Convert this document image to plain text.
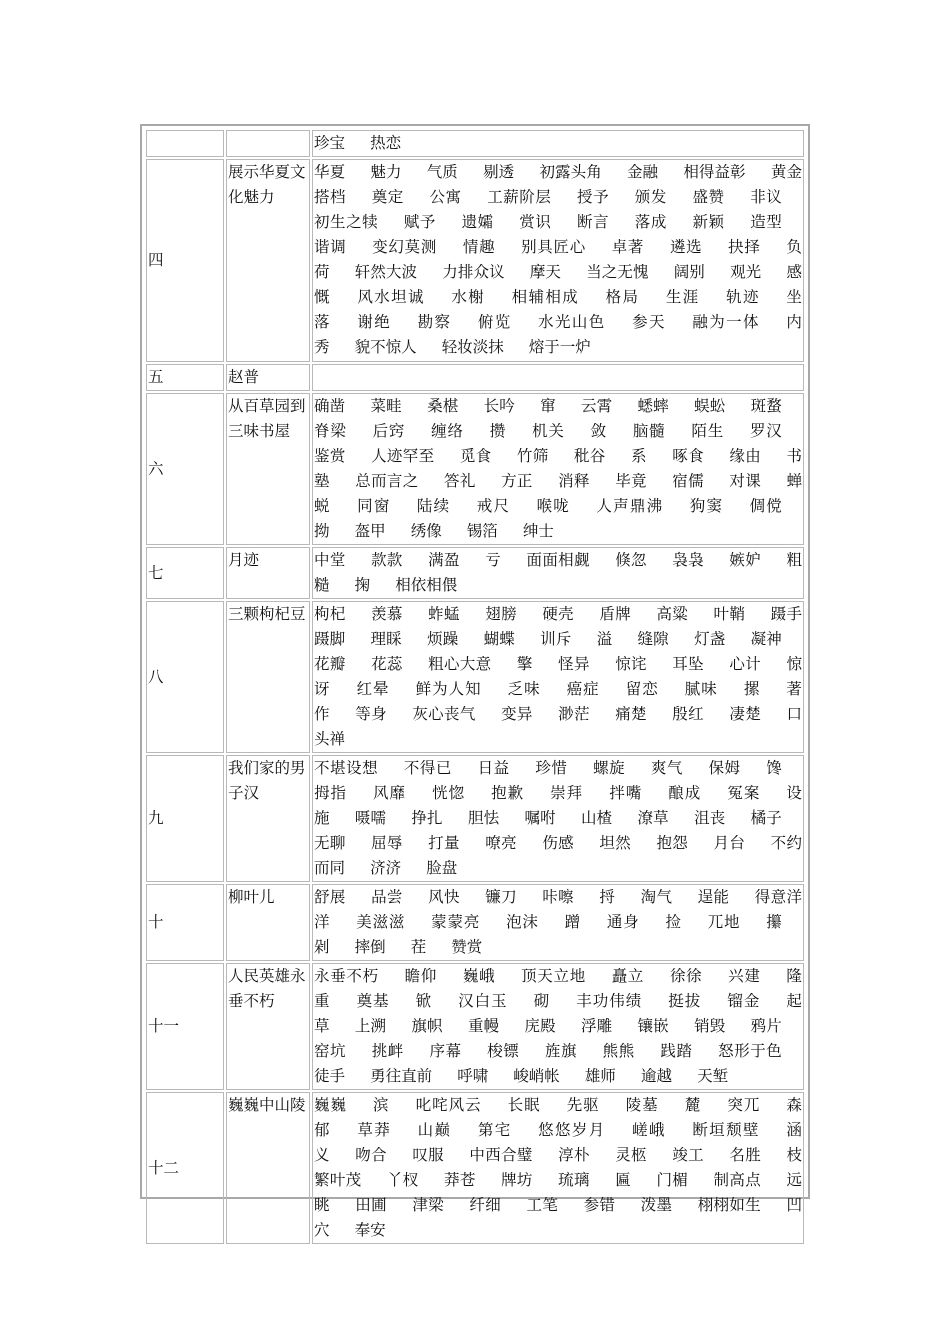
		珍宝 热恋
四	展示华夏文化魅力	华夏 魅力 气质 剔透 初露头角 金融 相得益彰 黄金搭档 奠定 公寓 工薪阶层 授予 颁发 盛赞 非议 初生之犊 赋予 遗孀 赏识 断言 落成 新颖 造型 谐调 变幻莫测 情趣 别具匠心 卓著 遴选 抉择 负荷 轩然大波 力排众议 摩天 当之无愧 阔别 观光 感慨 风水坦诚 水榭 相辅相成 格局 生涯 轨迹 坐落 谢绝 勘察 俯览 水光山色 参天 融为一体 内秀 貌不惊人 轻妆淡抹 熔于一炉
五	赵普	
六	从百草园到三味书屋	确凿 菜畦 桑椹 长吟 窜 云霄 蟋蟀 蜈蚣 斑蝥 脊梁 后窍 缠络 攒 机关 敛 脑髓 陌生 罗汉 鉴赏 人迹罕至 觅食 竹筛 秕谷 系 啄食 缘由 书塾 总而言之 答礼 方正 消释 毕竟 宿儒 对课 蝉蜕 同窗 陆续 戒尺 喉咙 人声鼎沸 狗窦 倜傥 拗 盔甲 绣像 锡箔 绅士
七	月迹	中堂 款款 满盈 亏 面面相觑 倏忽 袅袅 嫉妒 粗糙 掬 相依相偎
八	三颗枸杞豆	枸杞 羡慕 蚱蜢 翅膀 硬壳 盾牌 高粱 叶鞘 蹑手蹑脚 理睬 烦躁 蝴蝶 训斥 溢 缝隙 灯盏 凝神 花瓣 花蕊 粗心大意 擎 怪异 惊诧 耳坠 心计 惊讶 红晕 鲜为人知 乏味 癌症 留恋 腻味 摞 著作 等身 灰心丧气 变异 渺茫 痛楚 殷红 凄楚 口头禅
九	我们家的男子汉	不堪设想 不得已 日益 珍惜 螺旋 爽气 保姆 馋 拇指 风靡 恍惚 抱歉 崇拜 拌嘴 酿成 冤案 设施 嗫嚅 挣扎 胆怯 嘱咐 山楂 潦草 沮丧 橘子 无聊 屈辱 打量 嘹亮 伤感 坦然 抱怨 月台 不约而同 济济 脸盘
十	柳叶儿	舒展 品尝 风快 镰刀 咔嚓 捋 淘气 逞能 得意洋洋 美滋滋 蒙蒙亮 泡沫 蹭 通身 捡 兀地 攥 剁 摔倒 茬 赞赏
十一	人民英雄永垂不朽	永垂不朽 瞻仰 巍峨 顶天立地 矗立 徐徐 兴建 隆重 奠基 锨 汉白玉 砌 丰功伟绩 挺拔 镏金 起草 上溯 旗帜 重幔 庑殿 浮雕 镶嵌 销毁 鸦片 窑坑 挑衅 序幕 梭镖 旌旗 熊熊 践踏 怒形于色 徒手 勇往直前 呼啸 峻峭帐 雄师 逾越 天堑
十二	巍巍中山陵	巍巍 滨 叱咤风云 长眠 先驱 陵墓 麓 突兀 森郁 草莽 山巅 第宅 悠悠岁月 嵯峨 断垣颓壁 涵义 吻合 叹服 中西合璧 淳朴 灵柩 竣工 名胜 枝繁叶茂 丫杈 莽苍 牌坊 琉璃 匾 门楣 制高点 远眺 田圃 津梁 纤细 工笔 参错 泼墨 栩栩如生 凹穴 奉安
